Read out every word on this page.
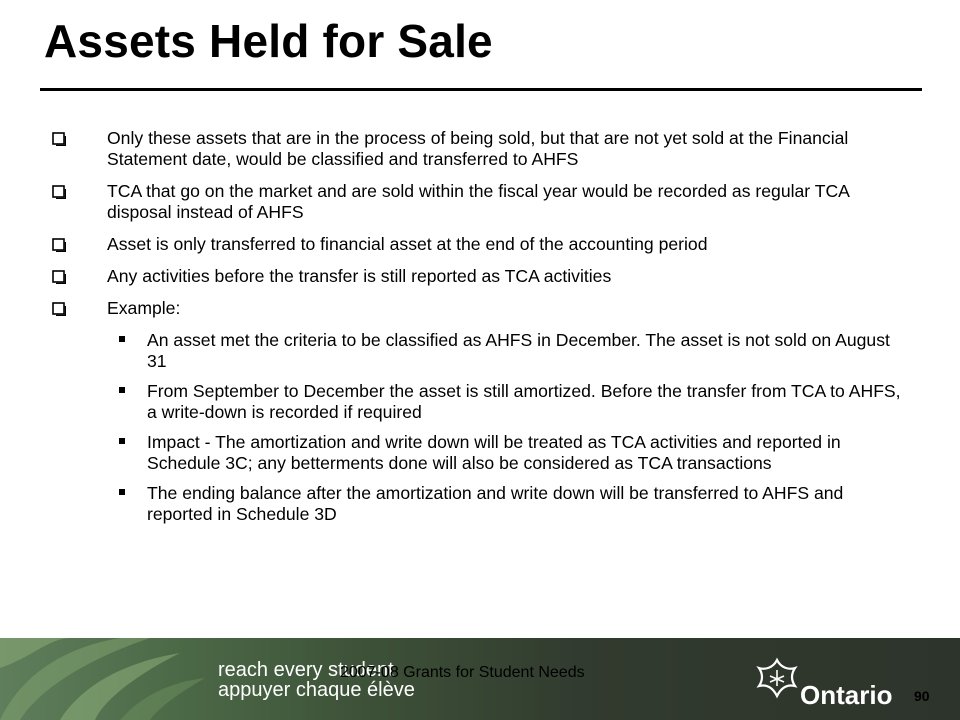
Assets Held for Sale
Only these assets that are in the process of being sold, but that are not yet sold at the Financial Statement date, would be classified and transferred to AHFS
TCA that go on the market and are sold within the fiscal year would be recorded as regular TCA disposal instead of AHFS
Asset is only transferred to financial asset at the end of the accounting period
Any activities before the transfer is still reported as TCA activities
Example:
An asset met the criteria to be classified as AHFS in December. The asset is not sold on August 31
From September to December the asset is still amortized. Before the transfer from TCA to AHFS, a write-down is recorded if required
Impact - The amortization and write down will be treated as TCA activities and reported in Schedule 3C; any betterments done will also be considered as TCA transactions
The ending balance after the amortization and write down will be transferred to AHFS and reported in Schedule 3D
reach every student
appuyer chaque élève	Ontario
2007-08 Grants for Student Needs
90
